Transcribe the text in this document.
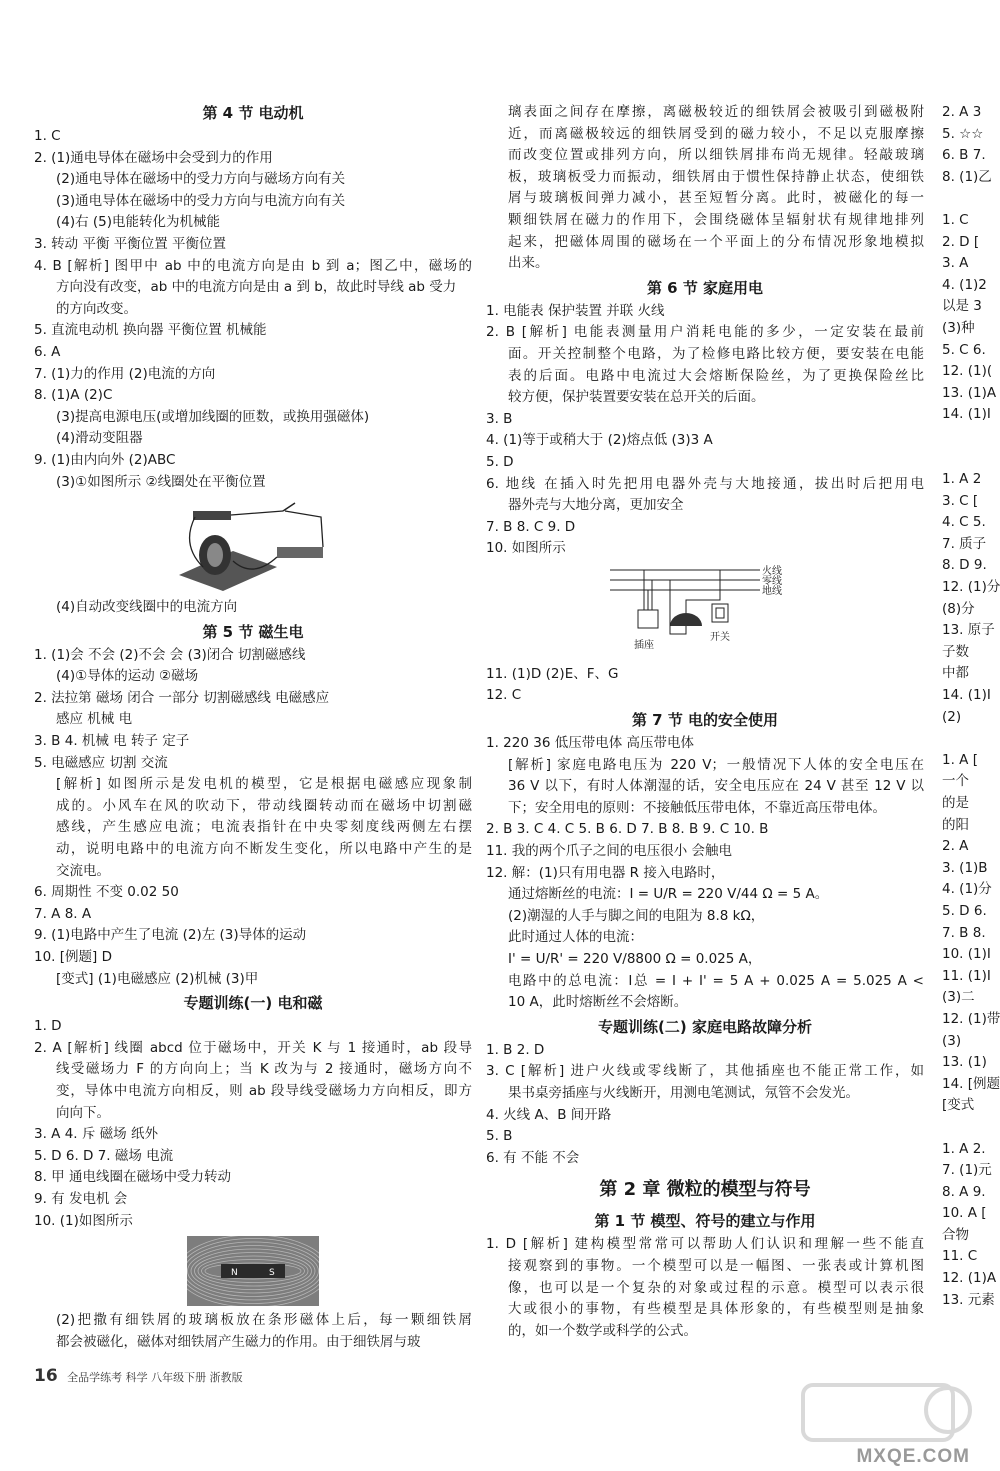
第 4 节 电动机
1. C
2. (1)通电导体在磁场中会受到力的作用
(2)通电导体在磁场中的受力方向与磁场方向有关
(3)通电导体在磁场中的受力方向与电流方向有关
(4)右 (5)电能转化为机械能
3. 转动 平衡 平衡位置 平衡位置
4. B [解析] 图甲中 ab 中的电流方向是由 b 到 a；图乙中，磁场的
方向没有改变，ab 中的电流方向是由 a 到 b，故此时导线 ab 受力
的方向改变。
5. 直流电动机 换向器 平衡位置 机械能
6. A
7. (1)力的作用 (2)电流的方向
8. (1)A (2)C
(3)提高电源电压(或增加线圈的匝数，或换用强磁体)
(4)滑动变阻器
9. (1)由内向外 (2)ABC
(3)①如图所示 ②线圈处在平衡位置
(4)自动改变线圈中的电流方向
第 5 节 磁生电
1. (1)会 不会 (2)不会 会 (3)闭合 切割磁感线
(4)①导体的运动 ②磁场
2. 法拉第 磁场 闭合 一部分 切割磁感线 电磁感应
感应 机械 电
3. B 4. 机械 电 转子 定子
5. 电磁感应 切割 交流
[解析] 如图所示是发电机的模型，它是根据电磁感应现象制
成的。小风车在风的吹动下，带动线圈转动而在磁场中切割磁
感线，产生感应电流；电流表指针在中央零刻度线两侧左右摆
动，说明电路中的电流方向不断发生变化，所以电路中产生的是
交流电。
6. 周期性 不变 0.02 50
7. A 8. A
9. (1)电路中产生了电流 (2)左 (3)导体的运动
10. [例题] D
[变式] (1)电磁感应 (2)机械 (3)甲
专题训练(一) 电和磁
1. D
2. A [解析] 线圈 abcd 位于磁场中，开关 K 与 1 接通时，ab 段导
线受磁场力 F 的方向向上；当 K 改为与 2 接通时，磁场方向不
变，导体中电流方向相反，则 ab 段导线受磁场力方向相反，即方
向向下。
3. A 4. 斥 磁场 纸外
5. D 6. D 7. 磁场 电流
8. 甲 通电线圈在磁场中受力转动
9. 有 发电机 会
10. (1)如图所示
N	S
(2)把撒有细铁屑的玻璃板放在条形磁体上后，每一颗细铁屑
都会被磁化，磁体对细铁屑产生磁力的作用。由于细铁屑与玻
璃表面之间存在摩擦，离磁极较近的细铁屑会被吸引到磁极附
近，而离磁极较远的细铁屑受到的磁力较小，不足以克服摩擦
而改变位置或排列方向，所以细铁屑排布尚无规律。轻敲玻璃
板，玻璃板受力而振动，细铁屑由于惯性保持静止状态，使细铁
屑与玻璃板间弹力减小，甚至短暂分离。此时，被磁化的每一
颗细铁屑在磁力的作用下，会围绕磁体呈辐射状有规律地排列
起来，把磁体周围的磁场在一个平面上的分布情况形象地模拟
出来。
第 6 节 家庭用电
1. 电能表 保护装置 并联 火线
2. B [解析] 电能表测量用户消耗电能的多少，一定安装在最前
面。开关控制整个电路，为了检修电路比较方便，要安装在电能
表的后面。电路中电流过大会熔断保险丝，为了更换保险丝比
较方便，保护装置要安装在总开关的后面。
3. B
4. (1)等于或稍大于 (2)熔点低 (3)3 A
5. D
6. 地线 在插入时先把用电器外壳与大地接通，拔出时后把用电
器外壳与大地分离，更加安全
7. B 8. C 9. D
10. 如图所示
火线
零线
地线
插座
开关
11. (1)D (2)E、F、G
12. C
第 7 节 电的安全使用
1. 220 36 低压带电体 高压带电体
[解析] 家庭电路电压为 220 V；一般情况下人体的安全电压在
36 V 以下，有时人体潮湿的话，安全电压应在 24 V 甚至 12 V 以
下；安全用电的原则：不接触低压带电体，不靠近高压带电体。
2. B 3. C 4. C 5. B 6. D 7. B 8. B 9. C 10. B
11. 我的两个爪子之间的电压很小 会触电
12. 解：(1)只有用电器 R 接入电路时，
通过熔断丝的电流：I = U/R = 220 V/44 Ω = 5 A。
(2)潮湿的人手与脚之间的电阻为 8.8 kΩ，
此时通过人体的电流：
I' = U/R' = 220 V/8800 Ω = 0.025 A，
电路中的总电流：I总 = I + I' = 5 A + 0.025 A = 5.025 A <
10 A，此时熔断丝不会熔断。
专题训练(二) 家庭电路故障分析
1. B 2. D
3. C [解析] 进户火线或零线断了，其他插座也不能正常工作，如
果书桌旁插座与火线断开，用测电笔测试，氖管不会发光。
4. 火线 A、B 间开路
5. B
6. 有 不能 不会
第 2 章 微粒的模型与符号
第 1 节 模型、符号的建立与作用
1. D [解析] 建构模型常常可以帮助人们认识和理解一些不能直
接观察到的事物。一个模型可以是一幅图、一张表或计算机图
像，也可以是一个复杂的对象或过程的示意。模型可以表示很
大或很小的事物，有些模型是具体形象的，有些模型则是抽象
的，如一个数学或科学的公式。
2. A 3
5. ☆☆
6. B 7.
8. (1)乙

1. C
2. D [
3. A
4. (1)2
以是 3
(3)种
5. C 6.
12. (1)(
13. (1)A
14. (1)I

1. A 2
3. C [
4. C 5.
7. 质子
8. D 9.
12. (1)分
(8)分
13. 原子
子数
中都
14. (1)I
(2)

1. A [
一个
的是
的阳
2. A
3. (1)B
4. (1)分
5. D 6.
7. B 8.
10. (1)I
11. (1)I
(3)二
12. (1)带
(3)
13. (1)
14. [例题
[变式

1. A 2.
7. (1)元
8. A 9.
10. A [
合物
11. C
12. (1)A
13. 元素
16 全品学练考 科学 八年级下册 浙教版
MXQE.COM
